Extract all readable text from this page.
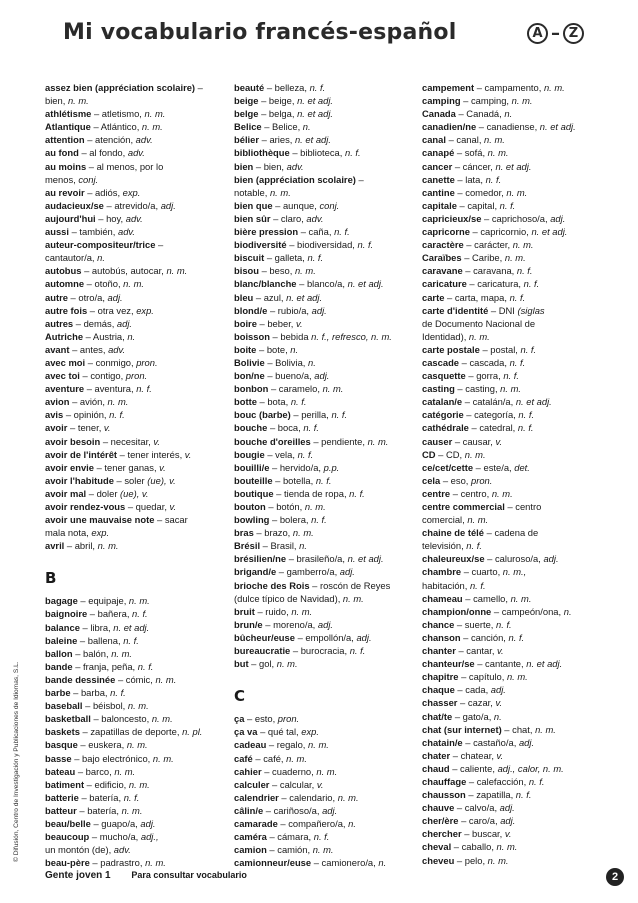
Mi vocabulario francés-español	A – Z
© Difusión, Centro de Investigación y Publicaciones de Idiomas, S.L.
assez bien (appréciation scolaire) –
bien, n. m.
athlétisme – atletismo, n. m.
Atlantique – Atlántico, n. m.
attention – atención, adv.
au fond – al fondo, adv.
au moins – al menos, por lo
menos, conj.
au revoir – adiós, exp.
audacieux/se – atrevido/a, adj.
aujourd'hui – hoy, adv.
aussi – también, adv.
auteur-compositeur/trice –
cantautor/a, n.
autobus – autobús, autocar, n. m.
automne – otoño, n. m.
autre – otro/a, adj.
autre fois – otra vez, exp.
autres – demás, adj.
Autriche – Austria, n.
avant – antes, adv.
avec moi – conmigo, pron.
avec toi – contigo, pron.
aventure – aventura, n. f.
avion – avión, n. m.
avis – opinión, n. f.
avoir – tener, v.
avoir besoin – necesitar, v.
avoir de l'intérêt – tener interés, v.
avoir envie – tener ganas, v.
avoir l'habitude – soler (ue), v.
avoir mal – doler (ue), v.
avoir rendez-vous – quedar, v.
avoir une mauvaise note – sacar
mala nota, exp.
avril – abril, n. m.
B
bagage – equipaje, n. m.
baignoire – bañera, n. f.
balance – libra, n. et adj.
baleine – ballena, n. f.
ballon – balón, n. m.
bande – franja, peña, n. f.
bande dessinée – cómic, n. m.
barbe – barba, n. f.
baseball – béisbol, n. m.
basketball – baloncesto, n. m.
baskets – zapatillas de deporte, n. pl.
basque – euskera, n. m.
basse – bajo electrónico, n. m.
bateau – barco, n. m.
batiment – edificio, n. m.
batterie – batería, n. f.
batteur – batería, n. m.
beau/belle – guapo/a, adj.
beaucoup – mucho/a, adj.,
un montón (de), adv.
beau-père – padrastro, n. m.
beauté – belleza, n. f.
beige – beige, n. et adj.
belge – belga, n. et adj.
Belice – Belice, n.
bélier – aries, n. et adj.
bibliothèque – biblioteca, n. f.
bien – bien, adv.
bien (appréciation scolaire) –
notable, n. m.
bien que – aunque, conj.
bien sûr – claro, adv.
bière pression – caña, n. f.
biodiversité – biodiversidad, n. f.
biscuit – galleta, n. f.
bisou – beso, n. m.
blanc/blanche – blanco/a, n. et adj.
bleu – azul, n. et adj.
blond/e – rubio/a, adj.
boire – beber, v.
boisson – bebida n. f., refresco, n. m.
boite – bote, n.
Bolivie – Bolivia, n.
bon/ne – bueno/a, adj.
bonbon – caramelo, n. m.
botte – bota, n. f.
bouc (barbe) – perilla, n. f.
bouche – boca, n. f.
bouche d'oreilles – pendiente, n. m.
bougie – vela, n. f.
bouilli/e – hervido/a, p.p.
bouteille – botella, n. f.
boutique – tienda de ropa, n. f.
bouton – botón, n. m.
bowling – bolera, n. f.
bras – brazo, n. m.
Brésil – Brasil, n.
brésilien/ne – brasileño/a, n. et adj.
brigand/e – gamberro/a, adj.
brioche des Rois – roscón de Reyes
(dulce típico de Navidad), n. m.
bruit – ruido, n. m.
brun/e – moreno/a, adj.
bûcheur/euse – empollón/a, adj.
bureaucratie – burocracia, n. f.
but – gol, n. m.
C
ça – esto, pron.
ça va – qué tal, exp.
cadeau – regalo, n. m.
café – café, n. m.
cahier – cuaderno, n. m.
calculer – calcular, v.
calendrier – calendario, n. m.
câlin/e – cariñoso/a, adj.
camarade – compañero/a, n.
caméra – cámara, n. f.
camion – camión, n. m.
camionneur/euse – camionero/a, n.
campement – campamento, n. m.
camping – camping, n. m.
Canada – Canadá, n.
canadien/ne – canadiense, n. et adj.
canal – canal, n. m.
canapé – sofá, n. m.
cancer – cáncer, n. et adj.
canette – lata, n. f.
cantine – comedor, n. m.
capitale – capital, n. f.
capricieux/se – caprichoso/a, adj.
capricorne – capricornio, n. et adj.
caractère – carácter, n. m.
Caraïbes – Caribe, n. m.
caravane – caravana, n. f.
caricature – caricatura, n. f.
carte – carta, mapa, n. f.
carte d'identité – DNI (siglas
de Documento Nacional de
Identidad), n. m.
carte postale – postal, n. f.
cascade – cascada, n. f.
casquette – gorra, n. f.
casting – casting, n. m.
catalan/e – catalán/a, n. et adj.
catégorie – categoría, n. f.
cathédrale – catedral, n. f.
causer – causar, v.
CD – CD, n. m.
ce/cet/cette – este/a, det.
cela – eso, pron.
centre – centro, n. m.
centre commercial – centro
comercial, n. m.
chaine de télé – cadena de
televisión, n. f.
chaleureux/se – caluroso/a, adj.
chambre – cuarto, n. m.,
habitación, n. f.
chameau – camello, n. m.
champion/onne – campeón/ona, n.
chance – suerte, n. f.
chanson – canción, n. f.
chanter – cantar, v.
chanteur/se – cantante, n. et adj.
chapitre – capítulo, n. m.
chaque – cada, adj.
chasser – cazar, v.
chat/te – gato/a, n.
chat (sur internet) – chat, n. m.
chatain/e – castaño/a, adj.
chater – chatear, v.
chaud – caliente, adj., calor, n. m.
chauffage – calefacción, n. f.
chausson – zapatilla, n. f.
chauve – calvo/a, adj.
cher/ère – caro/a, adj.
chercher – buscar, v.
cheval – caballo, n. m.
cheveu – pelo, n. m.
Gente joven 1 Para consultar vocabulario	2
